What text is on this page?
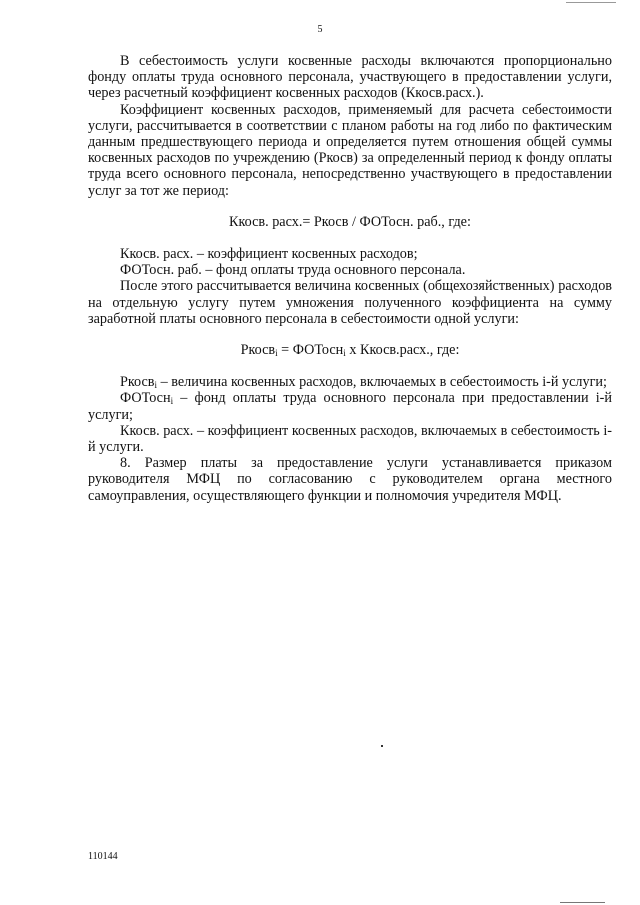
5

В себестоимость услуги косвенные расходы включаются пропорционально фонду оплаты труда основного персонала, участвующего в предоставлении услуги, через расчетный коэффициент косвенных расходов (Ккосв.расх.).

Коэффициент косвенных расходов, применяемый для расчета себестоимости услуги, рассчитывается в соответствии с планом работы на год либо по фактическим данным предшествующего периода и определяется путем отношения общей суммы косвенных расходов по учреждению (Ркосв) за определенный период к фонду оплаты труда всего основного персонала, непосредственно участвующего в предоставлении услуг за тот же период:

Ккосв. расх.= Ркосв / ФОТосн. раб., где:

Ккосв. расх. – коэффициент косвенных расходов;

ФОТосн. раб. – фонд оплаты труда основного персонала.

После этого рассчитывается величина косвенных (общехозяйственных) расходов на отдельную услугу путем умножения полученного коэффициента на сумму заработной платы основного персонала в себестоимости одной услуги:

Ркосв$_i$ = ФОТосн$_i$ х Ккосв.расх., где:

Ркосв$_i$ – величина косвенных расходов, включаемых в себестоимость i-й услуги;

ФОТосн$_i$ – фонд оплаты труда основного персонала при предоставлении i-й услуги;

Ккосв. расх. – коэффициент косвенных расходов, включаемых в себестоимость i-й услуги.

8. Размер платы за предоставление услуги устанавливается приказом руководителя МФЦ по согласованию с руководителем органа местного самоуправления, осуществляющего функции и полномочия учредителя МФЦ.

110144
